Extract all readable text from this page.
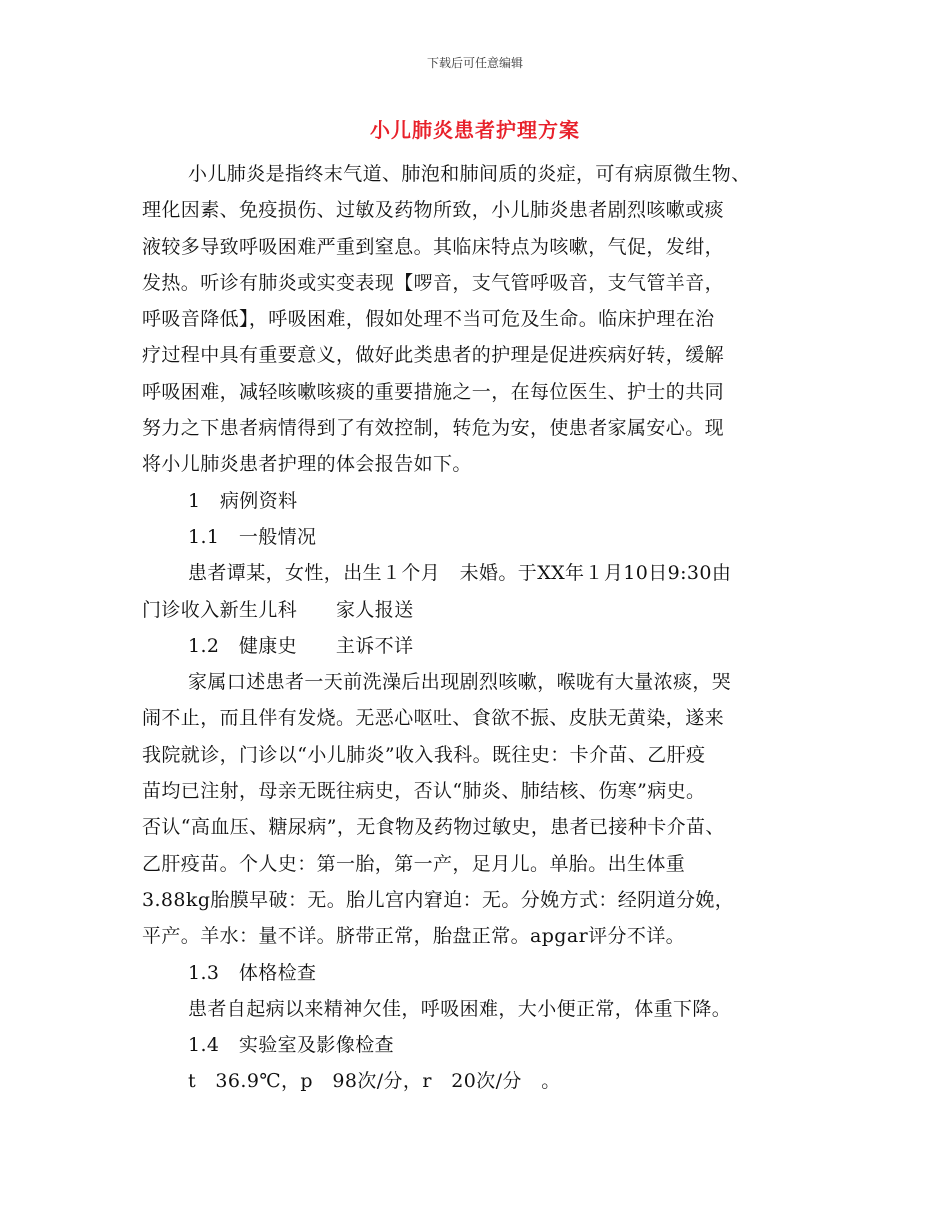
下载后可任意编辑
小儿肺炎患者护理方案

小儿肺炎是指终末气道、肺泡和肺间质的炎症，可有病原微生物、
理化因素、免疫损伤、过敏及药物所致，小儿肺炎患者剧烈咳嗽或痰
液较多导致呼吸困难严重到窒息。其临床特点为咳嗽，气促，发绀，
发热。听诊有肺炎或实变表现【啰音，支气管呼吸音，支气管羊音，
呼吸音降低】，呼吸困难，假如处理不当可危及生命。临床护理在治
疗过程中具有重要意义，做好此类患者的护理是促进疾病好转，缓解
呼吸困难，减轻咳嗽咳痰的重要措施之一，在每位医生、护士的共同
努力之下患者病情得到了有效控制，转危为安，使患者家属安心。现
将小儿肺炎患者护理的体会报告如下。

1　病例资料

1.1　一般情况

患者谭某，女性，出生１个月　未婚。于XX年１月10日9:30由
门诊收入新生儿科　　家人报送

1.2　健康史　　主诉不详

家属口述患者一天前洗澡后出现剧烈咳嗽，喉咙有大量浓痰，哭
闹不止，而且伴有发烧。无恶心呕吐、食欲不振、皮肤无黄染，遂来
我院就诊，门诊以“小儿肺炎”收入我科。既往史：卡介苗、乙肝疫
苗均已注射，母亲无既往病史，否认“肺炎、肺结核、伤寒”病史。
否认“高血压、糖尿病”，无食物及药物过敏史，患者已接种卡介苗、
乙肝疫苗。个人史：第一胎，第一产，足月儿。单胎。出生体重
3.88kg胎膜早破：无。胎儿宫内窘迫：无。分娩方式：经阴道分娩，
平产。羊水：量不详。脐带正常，胎盘正常。apgar评分不详。

1.3　体格检查

患者自起病以来精神欠佳，呼吸困难，大小便正常，体重下降。

1.4　实验室及影像检查

t　36.9℃，p　98次/分，r　20次/分　。
